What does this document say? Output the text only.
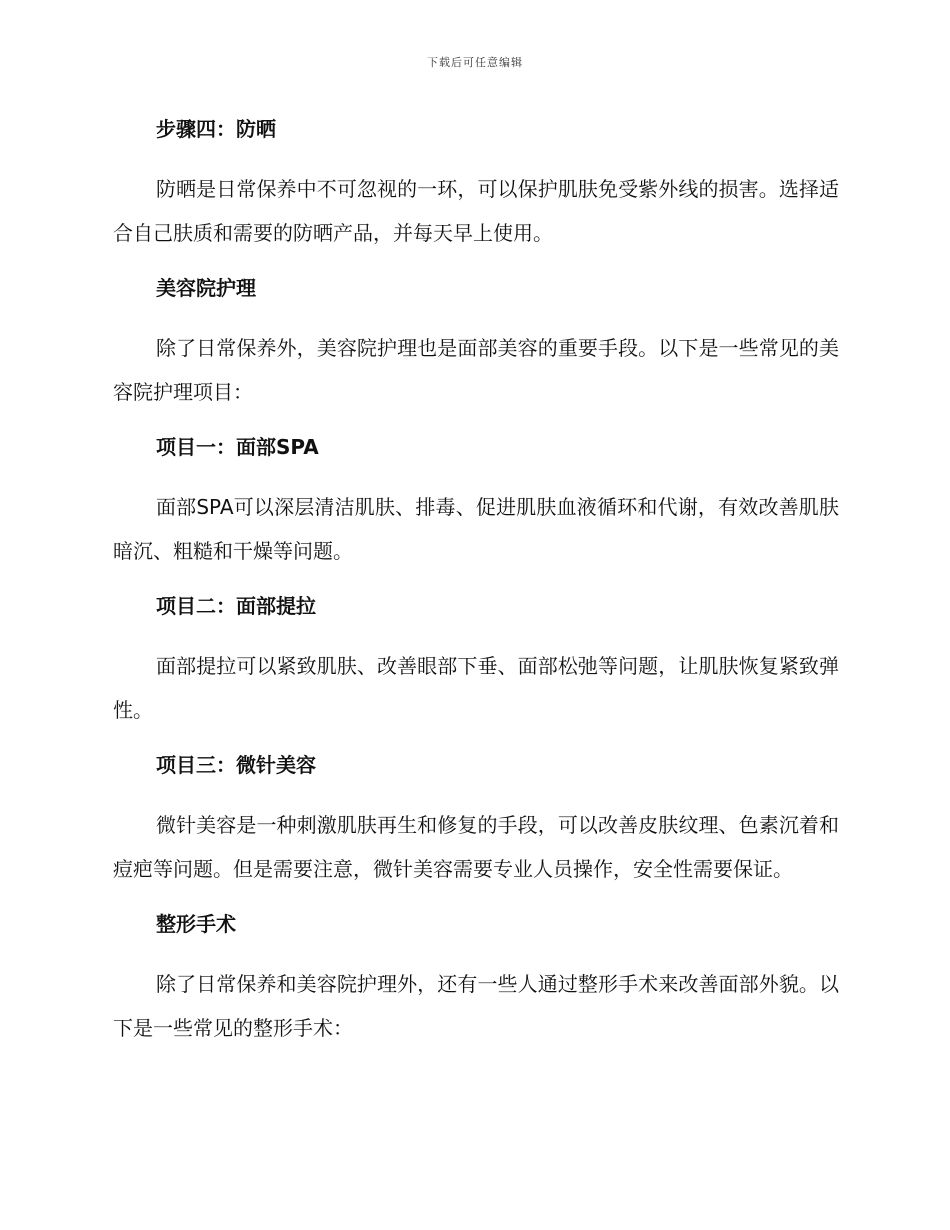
下载后可任意编辑
步骤四：防晒
防晒是日常保养中不可忽视的一环，可以保护肌肤免受紫外线的损害。选择适合自己肤质和需要的防晒产品，并每天早上使用。
美容院护理
除了日常保养外，美容院护理也是面部美容的重要手段。以下是一些常见的美容院护理项目：
项目一：面部SPA
面部SPA可以深层清洁肌肤、排毒、促进肌肤血液循环和代谢，有效改善肌肤暗沉、粗糙和干燥等问题。
项目二：面部提拉
面部提拉可以紧致肌肤、改善眼部下垂、面部松弛等问题，让肌肤恢复紧致弹性。
项目三：微针美容
微针美容是一种刺激肌肤再生和修复的手段，可以改善皮肤纹理、色素沉着和痘疤等问题。但是需要注意，微针美容需要专业人员操作，安全性需要保证。
整形手术
除了日常保养和美容院护理外，还有一些人通过整形手术来改善面部外貌。以下是一些常见的整形手术：
